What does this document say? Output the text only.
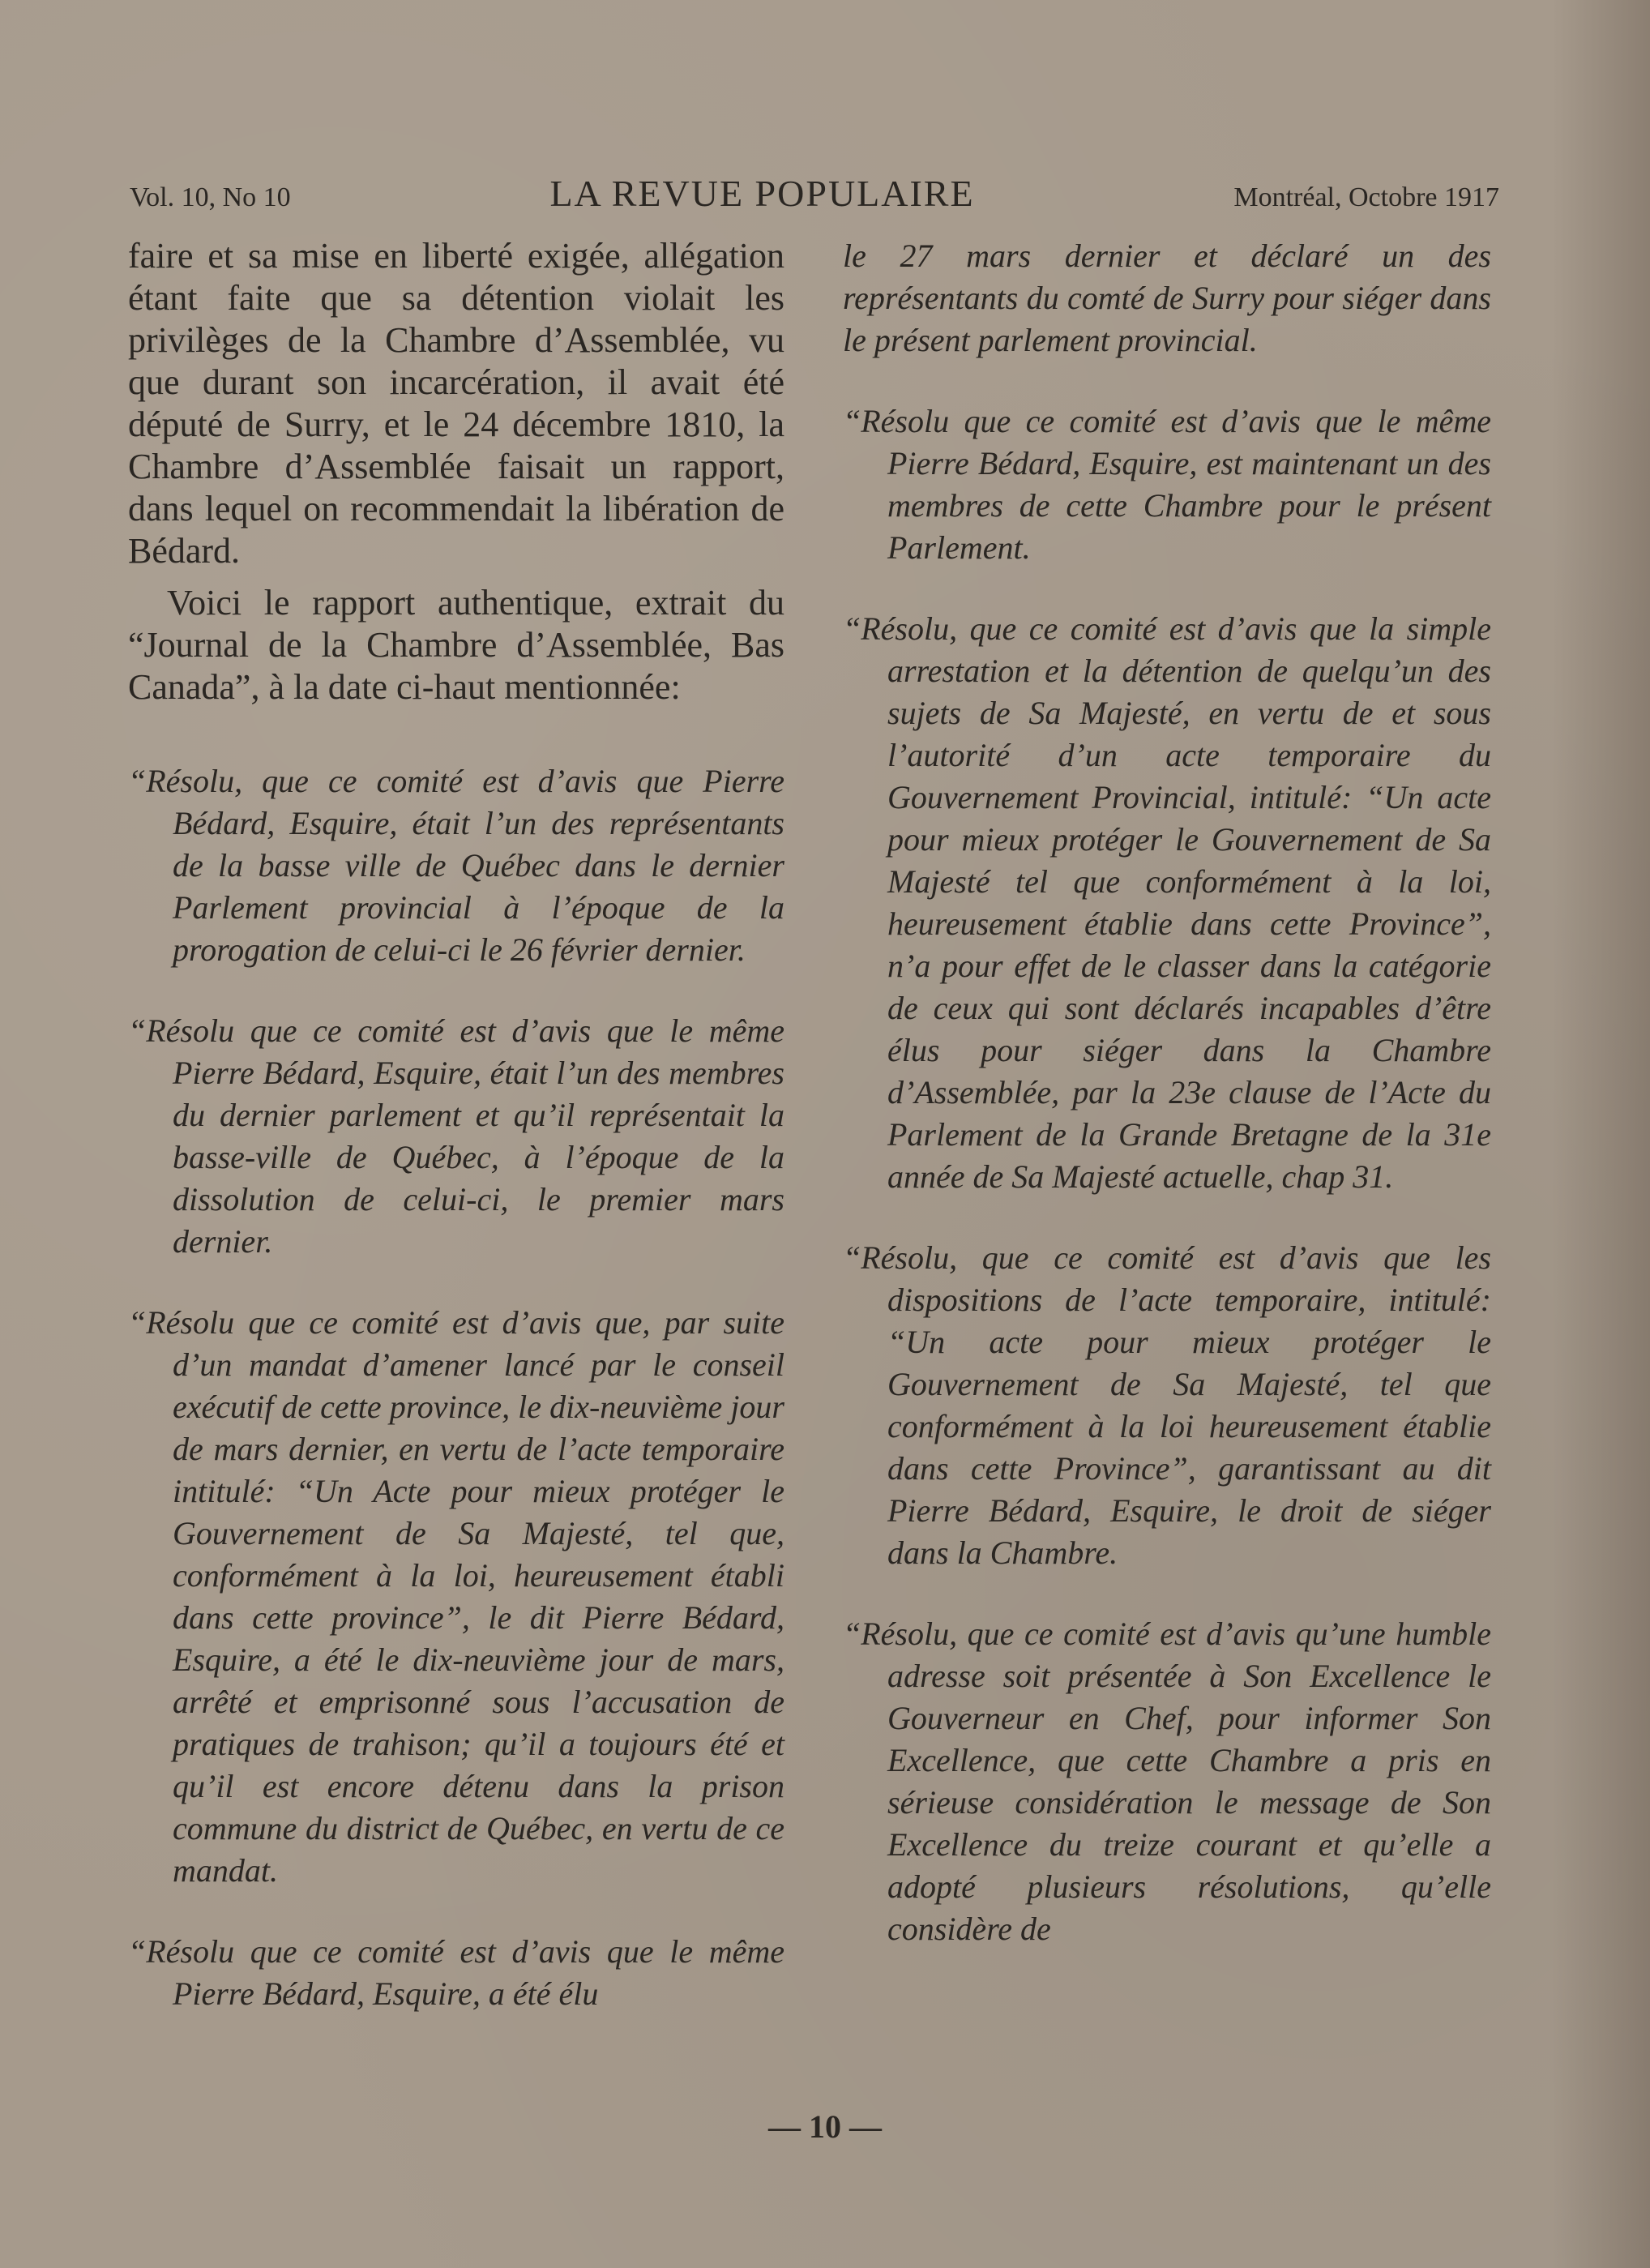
Vol. 10, No 10	LA REVUE POPULAIRE	Montréal, Octobre 1917

faire et sa mise en liberté exigée, allégation étant faite que sa détention violait les privilèges de la Chambre d’Assemblée, vu que durant son incarcération, il avait été député de Surry, et le 24 décembre 1810, la Chambre d’Assemblée faisait un rapport, dans lequel on recommendait la libération de Bédard.

Voici le rapport authentique, extrait du “Journal de la Chambre d’Assemblée, Bas Canada”, à la date ci-haut mentionnée:

“Résolu, que ce comité est d’avis que Pierre Bédard, Esquire, était l’un des représentants de la basse ville de Québec dans le dernier Parlement provincial à l’époque de la prorogation de celui-ci le 26 février dernier.

“Résolu que ce comité est d’avis que le même Pierre Bédard, Esquire, était l’un des membres du dernier parlement et qu’il représentait la basse-ville de Québec, à l’époque de la dissolution de celui-ci, le premier mars dernier.

“Résolu que ce comité est d’avis que, par suite d’un mandat d’amener lancé par le conseil exécutif de cette province, le dix-neuvième jour de mars dernier, en vertu de l’acte temporaire intitulé: “Un Acte pour mieux protéger le Gouvernement de Sa Majesté, tel que, conformément à la loi, heureusement établi dans cette province”, le dit Pierre Bédard, Esquire, a été le dix-neuvième jour de mars, arrêté et emprisonné sous l’accusation de pratiques de trahison; qu’il a toujours été et qu’il est encore détenu dans la prison commune du district de Québec, en vertu de ce mandat.

“Résolu que ce comité est d’avis que le même Pierre Bédard, Esquire, a été élu

le 27 mars dernier et déclaré un des représentants du comté de Surry pour siéger dans le présent parlement provincial.

“Résolu que ce comité est d’avis que le même Pierre Bédard, Esquire, est maintenant un des membres de cette Chambre pour le présent Parlement.

“Résolu, que ce comité est d’avis que la simple arrestation et la détention de quelqu’un des sujets de Sa Majesté, en vertu de et sous l’autorité d’un acte temporaire du Gouvernement Provincial, intitulé: “Un acte pour mieux protéger le Gouvernement de Sa Majesté tel que conformément à la loi, heureusement établie dans cette Province”, n’a pour effet de le classer dans la catégorie de ceux qui sont déclarés incapables d’être élus pour siéger dans la Chambre d’Assemblée, par la 23e clause de l’Acte du Parlement de la Grande Bretagne de la 31e année de Sa Majesté actuelle, chap 31.

“Résolu, que ce comité est d’avis que les dispositions de l’acte temporaire, intitulé: “Un acte pour mieux protéger le Gouvernement de Sa Majesté, tel que conformément à la loi heureusement établie dans cette Province”, garantissant au dit Pierre Bédard, Esquire, le droit de siéger dans la Chambre.

“Résolu, que ce comité est d’avis qu’une humble adresse soit présentée à Son Excellence le Gouverneur en Chef, pour informer Son Excellence, que cette Chambre a pris en sérieuse considération le message de Son Excellence du treize courant et qu’elle a adopté plusieurs résolutions, qu’elle considère de

— 10 —
